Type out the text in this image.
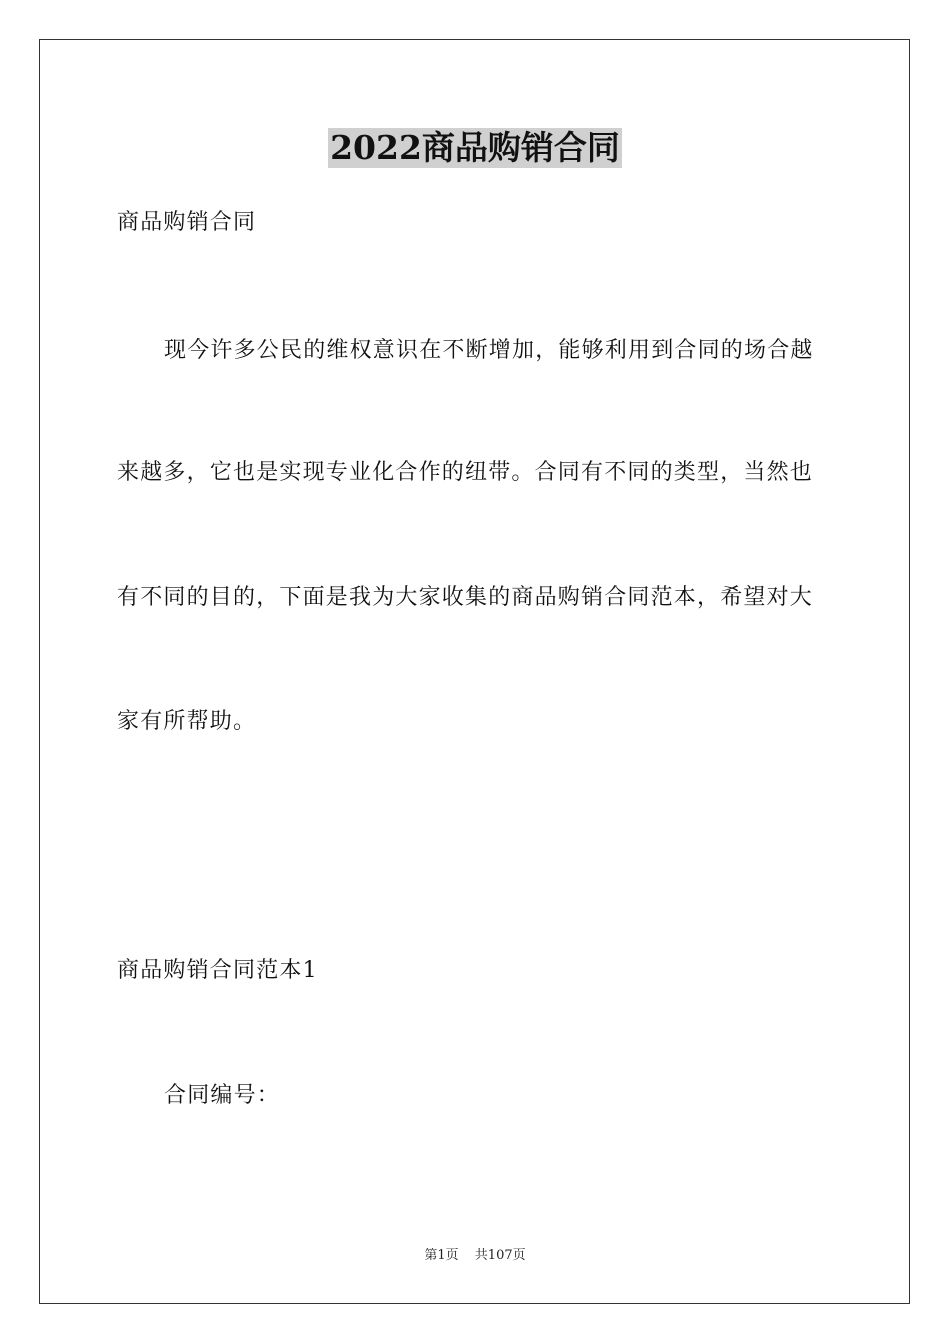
2022商品购销合同
商品购销合同
现今许多公民的维权意识在不断增加，能够利用到合同的场合越
来越多，它也是实现专业化合作的纽带。合同有不同的类型，当然也
有不同的目的，下面是我为大家收集的商品购销合同范本，希望对大
家有所帮助。
商品购销合同范本1
合同编号：
第1页 共107页
